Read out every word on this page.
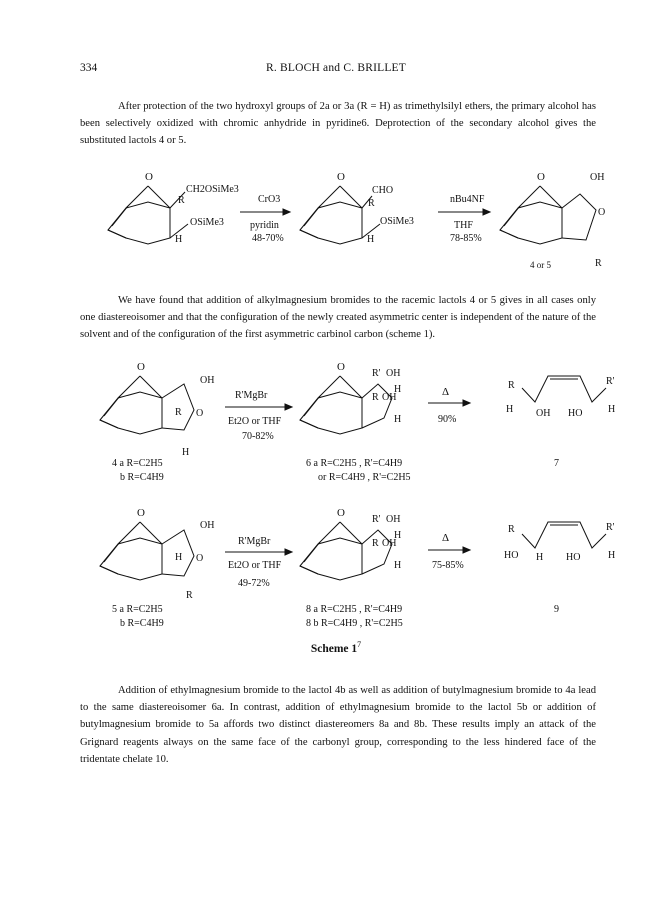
334	R. BLOCH and C. BRILLET
After protection of the two hydroxyl groups of 2a or 3a (R = H) as trimethylsilyl ethers, the primary alcohol has been selectively oxidized with chromic anhydride in pyridine6. Deprotection of the secondary alcohol gives the substituted lactols 4 or 5.
We have found that addition of alkylmagnesium bromides to the racemic lactols 4 or 5 gives in all cases only one diastereoisomer and that the configuration of the newly created asymmetric center is independent of the nature of the solvent and of the configuration of the first asymmetric carbinol carbon (scheme 1).
Addition of ethylmagnesium bromide to the lactol 4b as well as addition of butylmagnesium bromide to 4a lead to the same diastereoisomer 6a. In contrast, addition of ethylmagnesium bromide to the lactol 5b or addition of butylmagnesium bromide to 5a affords two distinct diastereomers 8a and 8b. These results imply an attack of the Grignard reagents always on the same face of the carbonyl group, corresponding to the less hindered face of the tridentate chelate 10.
O
CH2OSiMe3
R
OSiMe3
H
CrO3
pyridin
48-70%
O
CHO
R
OSiMe3
H
nBu4NF
THF
78-85%
O	OH
O
R
4 or 5
O
OH
R O
H
R'MgBr
Et2O or THF
70-82%
O
R' OH
H
R OH
H
Δ
90%
R	R'
H OH HO	H
4 a R=C2H5
b R=C4H9
6 a R=C2H5 , R'=C4H9
or R=C4H9 , R'=C2H5
7
O
OH
H O
R
R'MgBr
Et2O or THF
49-72%
O
R' OH
H
R OH
H
Δ
75-85%
R	R'
HO H HO	H
5 a R=C2H5
b R=C4H9
8 a R=C2H5 , R'=C4H9
8 b R=C4H9 , R'=C2H5
9
Scheme $1^7$
